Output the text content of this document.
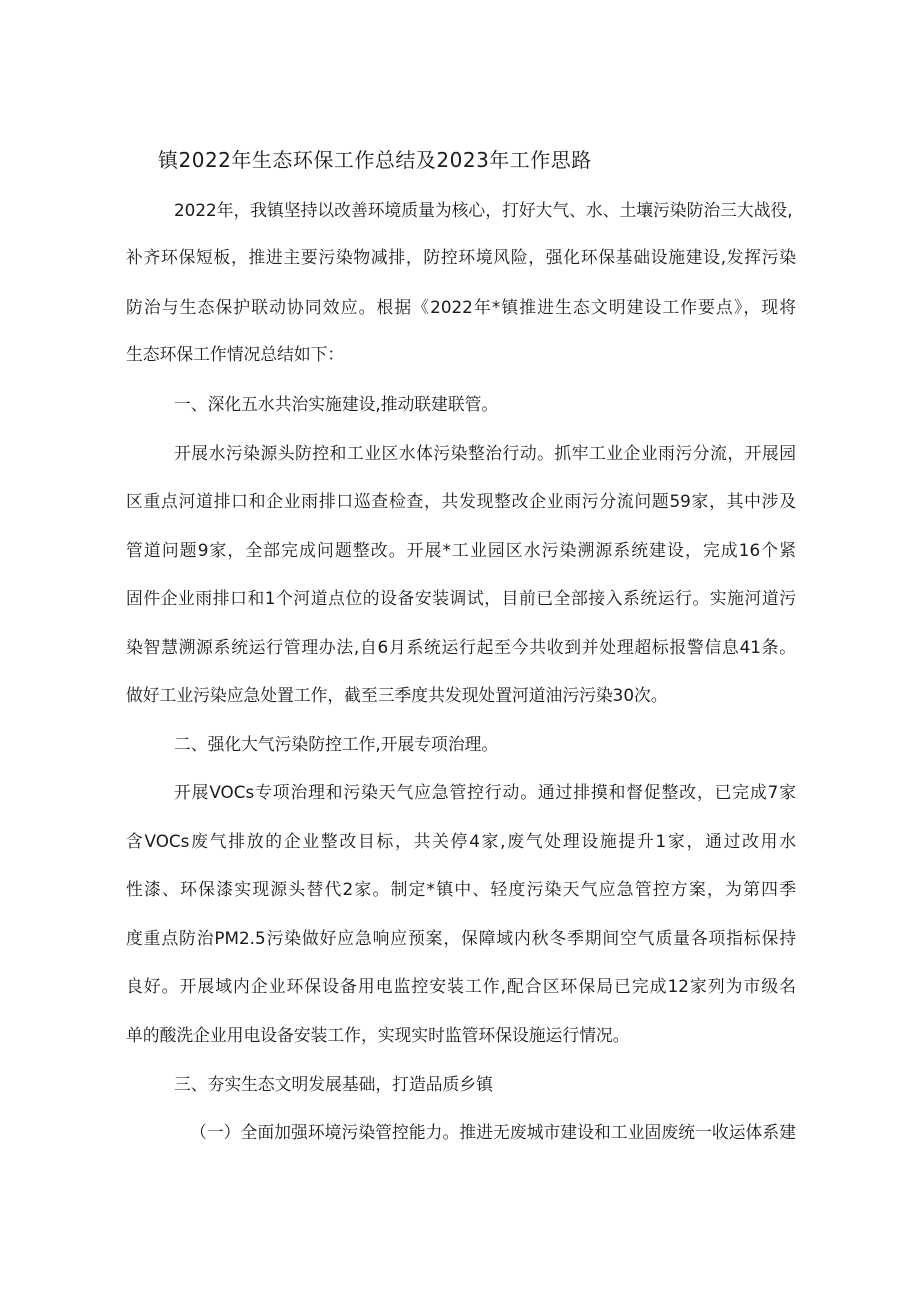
镇2022年生态环保工作总结及2023年工作思路

2022年，我镇坚持以改善环境质量为核心，打好大气、水、土壤污染防治三大战役,

补齐环保短板，推进主要污染物减排，防控环境风险，强化环保基础设施建设,发挥污染

防治与生态保护联动协同效应。根据《2022年*镇推进生态文明建设工作要点》，现将

生态环保工作情况总结如下：

一、深化五水共治实施建设,推动联建联管。

开展水污染源头防控和工业区水体污染整治行动。抓牢工业企业雨污分流，开展园

区重点河道排口和企业雨排口巡查检查，共发现整改企业雨污分流问题59家，其中涉及

管道问题9家，全部完成问题整改。开展*工业园区水污染溯源系统建设，完成16个紧

固件企业雨排口和1个河道点位的设备安装调试，目前已全部接入系统运行。实施河道污

染智慧溯源系统运行管理办法,自6月系统运行起至今共收到并处理超标报警信息41条。

做好工业污染应急处置工作，截至三季度共发现处置河道油污污染30次。

二、强化大气污染防控工作,开展专项治理。

开展VOCs专项治理和污染天气应急管控行动。通过排摸和督促整改，已完成7家

含VOCs废气排放的企业整改目标，共关停4家,废气处理设施提升1家，通过改用水

性漆、环保漆实现源头替代2家。制定*镇中、轻度污染天气应急管控方案，为第四季

度重点防治PM2.5污染做好应急响应预案，保障域内秋冬季期间空气质量各项指标保持

良好。开展域内企业环保设备用电监控安装工作,配合区环保局已完成12家列为市级名

单的酸洗企业用电设备安装工作，实现实时监管环保设施运行情况。

三、夯实生态文明发展基础，打造品质乡镇

（一）全面加强环境污染管控能力。推进无废城市建设和工业固废统一收运体系建
